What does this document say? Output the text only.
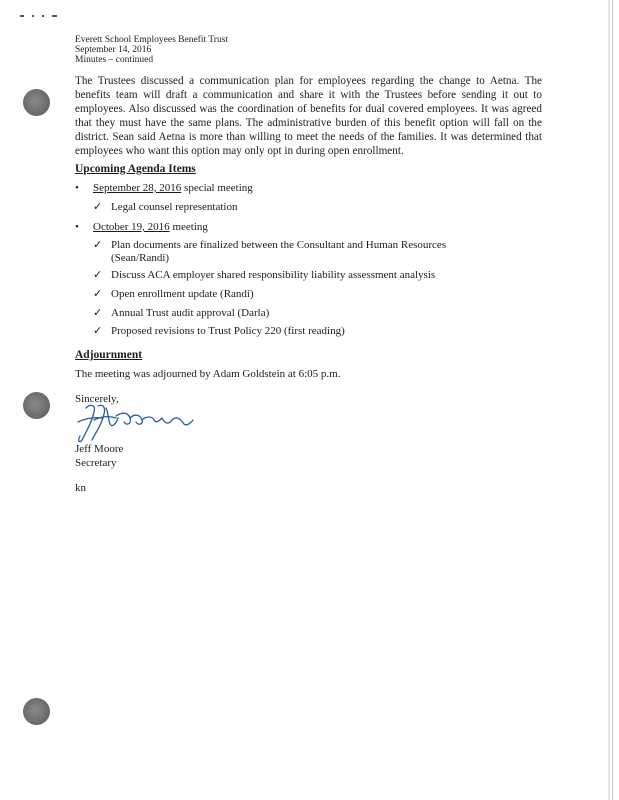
Everett School Employees Benefit Trust
September 14, 2016
Minutes – continued

The Trustees discussed a communication plan for employees regarding the change to Aetna. The benefits team will draft a communication and share it with the Trustees before sending it out to employees. Also discussed was the coordination of benefits for dual covered employees. It was agreed that they must have the same plans. The administrative burden of this benefit option will fall on the district. Sean said Aetna is more than willing to meet the needs of the families. It was determined that employees who want this option may only opt in during open enrollment.

Upcoming Agenda Items
• September 28, 2016 special meeting
✓ Legal counsel representation
• October 19, 2016 meeting
✓ Plan documents are finalized between the Consultant and Human Resources
(Sean/Randi)
✓ Discuss ACA employer shared responsibility liability assessment analysis
✓ Open enrollment update (Randi)
✓ Annual Trust audit approval (Darla)
✓ Proposed revisions to Trust Policy 220 (first reading)
Adjournment
The meeting was adjourned by Adam Goldstein at 6:05 p.m.
Sincerely,
Jeff Moore
Secretary
kn
